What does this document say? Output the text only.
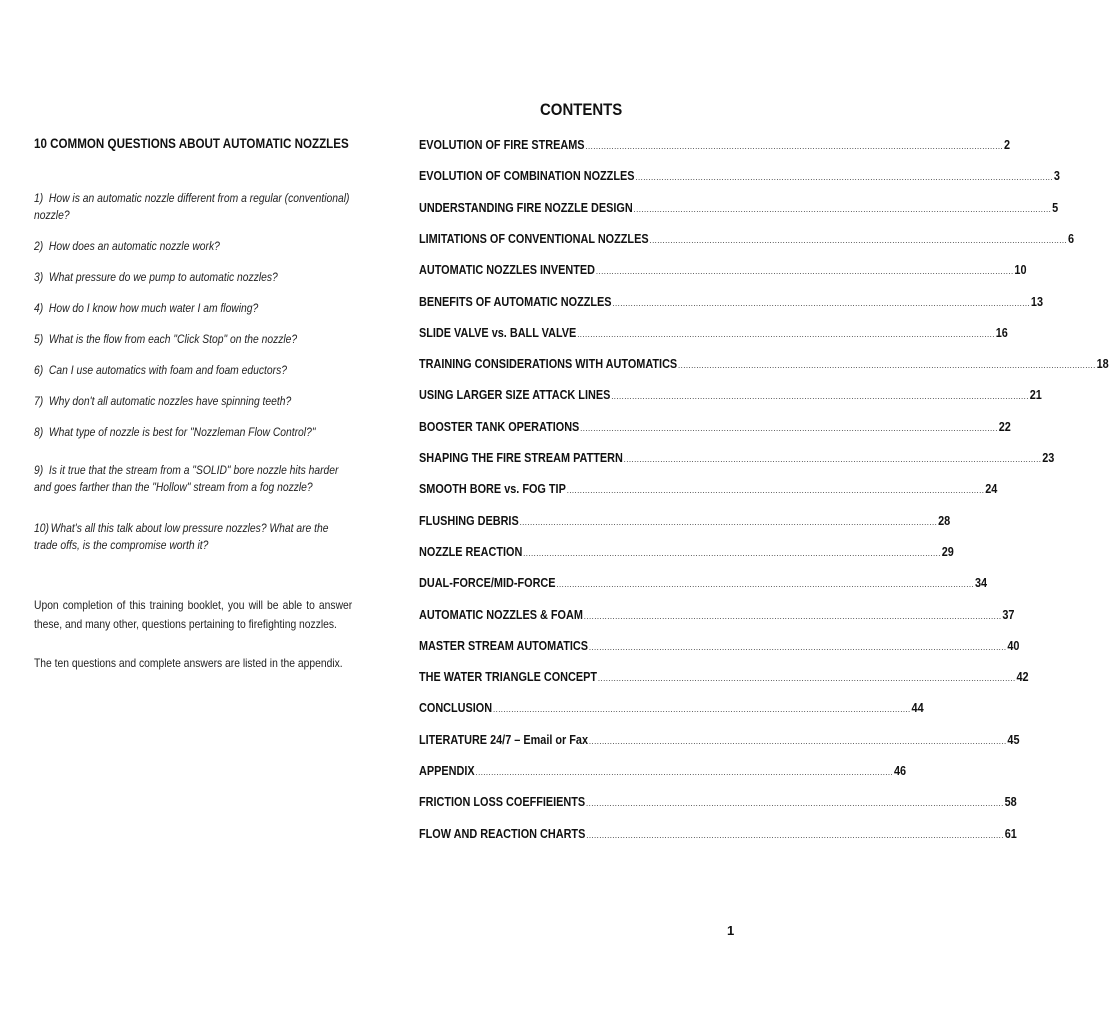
10 COMMON QUESTIONS ABOUT AUTOMATIC NOZZLES
1) How is an automatic nozzle different from a regular (conventional) nozzle?
2) How does an automatic nozzle work?
3) What pressure do we pump to automatic nozzles?
4) How do I know how much water I am flowing?
5) What is the flow from each "Click Stop" on the nozzle?
6) Can I use automatics with foam and foam eductors?
7) Why don't all automatic nozzles have spinning teeth?
8) What type of nozzle is best for "Nozzleman Flow Control?"
9) Is it true that the stream from a "SOLID" bore nozzle hits harder and goes farther than the "Hollow" stream from a fog nozzle?
10) What's all this talk about low pressure nozzles? What are the trade offs, is the compromise worth it?
Upon completion of this training booklet, you will be able to answer these, and many other, questions pertaining to firefighting nozzles.
The ten questions and complete answers are listed in the appendix.
CONTENTS
EVOLUTION OF FIRE STREAMS ................................................................................................................................................................ 2
EVOLUTION OF COMBINATION NOZZLES ................................................................................................................................................................ 3
UNDERSTANDING FIRE NOZZLE DESIGN ................................................................................................................................................................ 5
LIMITATIONS OF CONVENTIONAL NOZZLES ................................................................................................................................................................ 6
AUTOMATIC NOZZLES INVENTED ................................................................................................................................................................ 10
BENEFITS OF AUTOMATIC NOZZLES ................................................................................................................................................................ 13
SLIDE VALVE vs. BALL VALVE ................................................................................................................................................................ 16
TRAINING CONSIDERATIONS WITH AUTOMATICS ................................................................................................................................................................ 18
USING LARGER SIZE ATTACK LINES ................................................................................................................................................................ 21
BOOSTER TANK OPERATIONS ................................................................................................................................................................ 22
SHAPING THE FIRE STREAM PATTERN ................................................................................................................................................................ 23
SMOOTH BORE vs. FOG TIP ................................................................................................................................................................ 24
FLUSHING DEBRIS ................................................................................................................................................................ 28
NOZZLE REACTION ................................................................................................................................................................ 29
DUAL-FORCE/MID-FORCE ................................................................................................................................................................ 34
AUTOMATIC NOZZLES & FOAM ................................................................................................................................................................ 37
MASTER STREAM AUTOMATICS ................................................................................................................................................................ 40
THE WATER TRIANGLE CONCEPT ................................................................................................................................................................ 42
CONCLUSION ................................................................................................................................................................ 44
LITERATURE 24/7 – Email or Fax ................................................................................................................................................................ 45
APPENDIX ................................................................................................................................................................ 46
FRICTION LOSS COEFFIEIENTS ................................................................................................................................................................ 58
FLOW AND REACTION CHARTS ................................................................................................................................................................ 61
1
